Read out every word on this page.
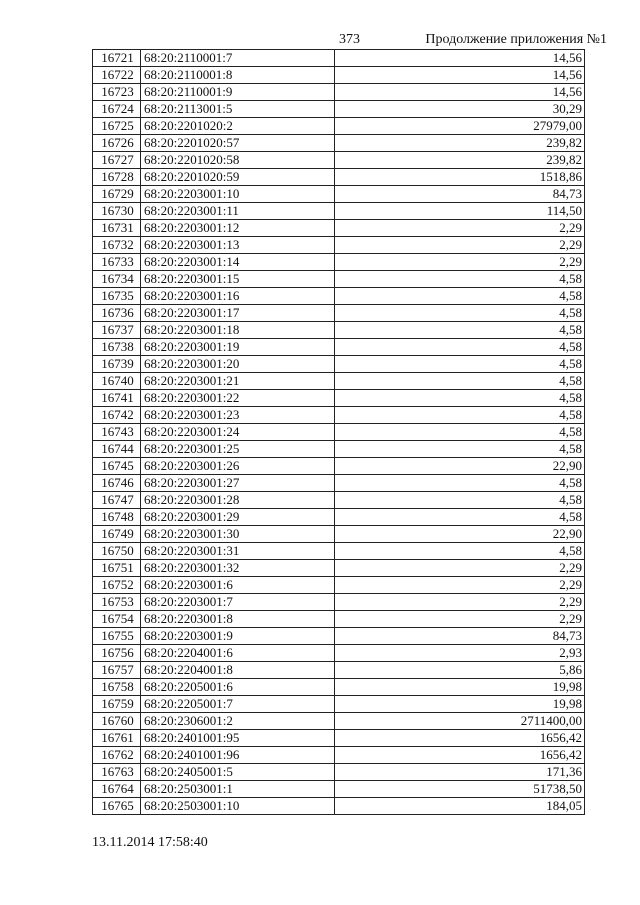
373	Продолжение приложения №1
16721	68:20:2110001:7	14,56
16722	68:20:2110001:8	14,56
16723	68:20:2110001:9	14,56
16724	68:20:2113001:5	30,29
16725	68:20:2201020:2	27979,00
16726	68:20:2201020:57	239,82
16727	68:20:2201020:58	239,82
16728	68:20:2201020:59	1518,86
16729	68:20:2203001:10	84,73
16730	68:20:2203001:11	114,50
16731	68:20:2203001:12	2,29
16732	68:20:2203001:13	2,29
16733	68:20:2203001:14	2,29
16734	68:20:2203001:15	4,58
16735	68:20:2203001:16	4,58
16736	68:20:2203001:17	4,58
16737	68:20:2203001:18	4,58
16738	68:20:2203001:19	4,58
16739	68:20:2203001:20	4,58
16740	68:20:2203001:21	4,58
16741	68:20:2203001:22	4,58
16742	68:20:2203001:23	4,58
16743	68:20:2203001:24	4,58
16744	68:20:2203001:25	4,58
16745	68:20:2203001:26	22,90
16746	68:20:2203001:27	4,58
16747	68:20:2203001:28	4,58
16748	68:20:2203001:29	4,58
16749	68:20:2203001:30	22,90
16750	68:20:2203001:31	4,58
16751	68:20:2203001:32	2,29
16752	68:20:2203001:6	2,29
16753	68:20:2203001:7	2,29
16754	68:20:2203001:8	2,29
16755	68:20:2203001:9	84,73
16756	68:20:2204001:6	2,93
16757	68:20:2204001:8	5,86
16758	68:20:2205001:6	19,98
16759	68:20:2205001:7	19,98
16760	68:20:2306001:2	2711400,00
16761	68:20:2401001:95	1656,42
16762	68:20:2401001:96	1656,42
16763	68:20:2405001:5	171,36
16764	68:20:2503001:1	51738,50
16765	68:20:2503001:10	184,05
13.11.2014 17:58:40
